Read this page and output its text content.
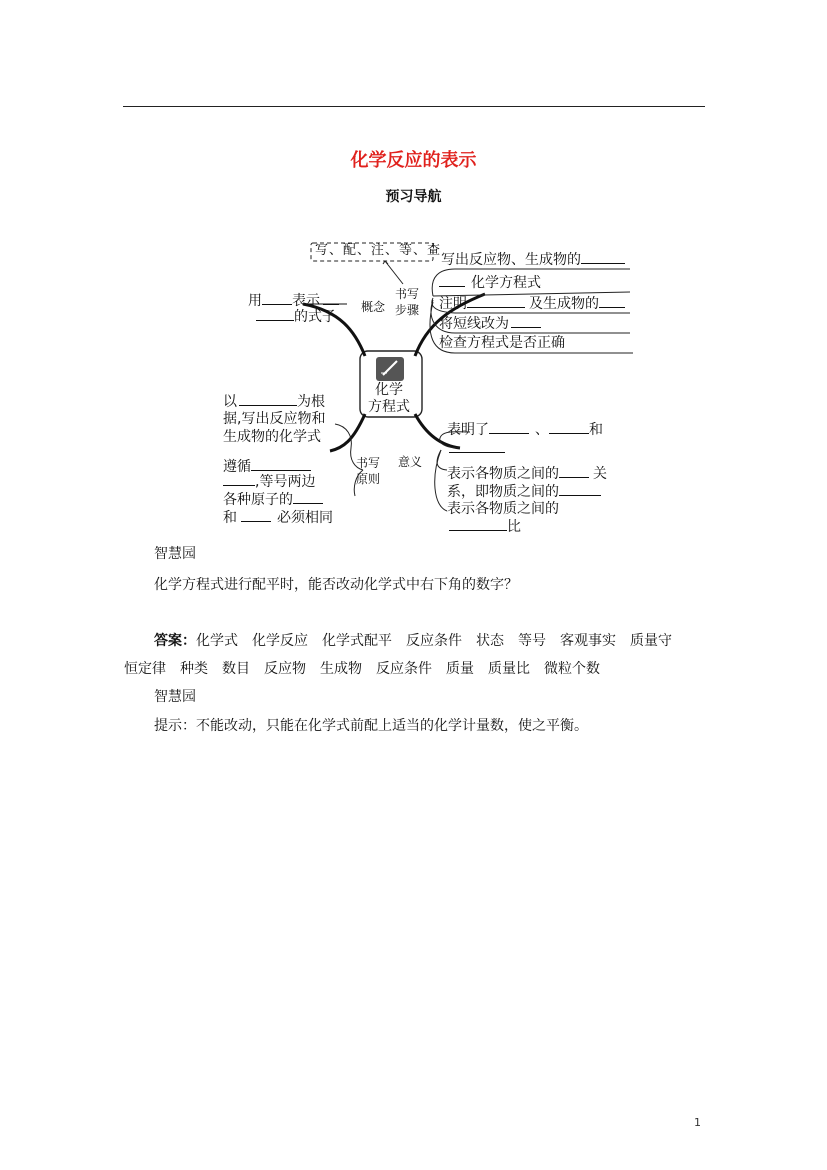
化学反应的表示
预习导航
写、配、注、等、查
化学
方程式
概念
书写
步骤
书写
原则
意义
用 表示
的式子
写出反应物、生成物的
化学方程式
注明	及生成物的
将短线改为
检查方程式是否正确
以	为根
据,写出反应物和
生成物的化学式
遵循
,等号两边
各种原子的
和	必须相同
表明了	、	和
表示各物质之间的 关
系，即物质之间的
表示各物质之间的
比
智慧园
化学方程式进行配平时，能否改动化学式中右下角的数字？
答案：化学式　化学反应　化学式配平　反应条件　状态　等号　客观事实　质量守
恒定律　种类　数目　反应物　生成物　反应条件　质量　质量比　微粒个数
智慧园
提示：不能改动，只能在化学式前配上适当的化学计量数，使之平衡。
1
